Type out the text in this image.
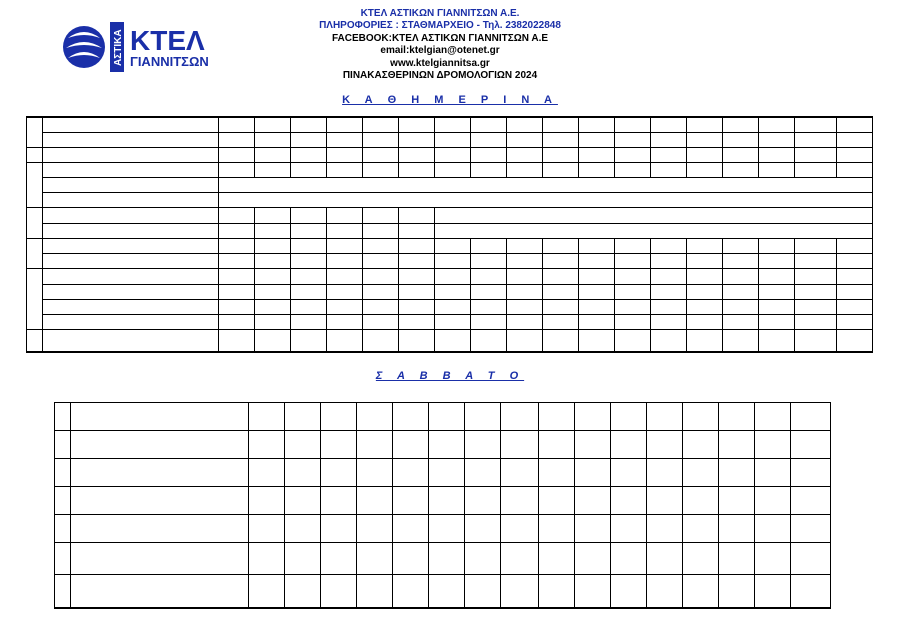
ΑΣΤΙΚΑ ΚΤΕΛ
ΓΙΑΝΝΙΤΣΩΝ
ΚΤΕΛ ΑΣΤΙΚΩΝ ΓΙΑΝΝΙΤΣΩΝ Α.Ε.
ΠΛΗΡΟΦΟΡΙΕΣ : ΣΤΑΘΜΑΡΧΕΙΟ - Τηλ. 2382022848
FACEBOOK:ΚΤΕΛ ΑΣΤΙΚΩΝ ΓΙΑΝΝΙΤΣΩΝ Α.Ε
email:ktelgian@otenet.gr
www.ktelgiannitsa.gr
ΠΙΝΑΚΑΣΘΕΡΙΝΩΝ ΔΡΟΜΟΛΟΓΙΩΝ 2024
Κ Α Θ Η Μ Ε Ρ Ι Ν Α
Σ Α Β Β Α Τ Ο
